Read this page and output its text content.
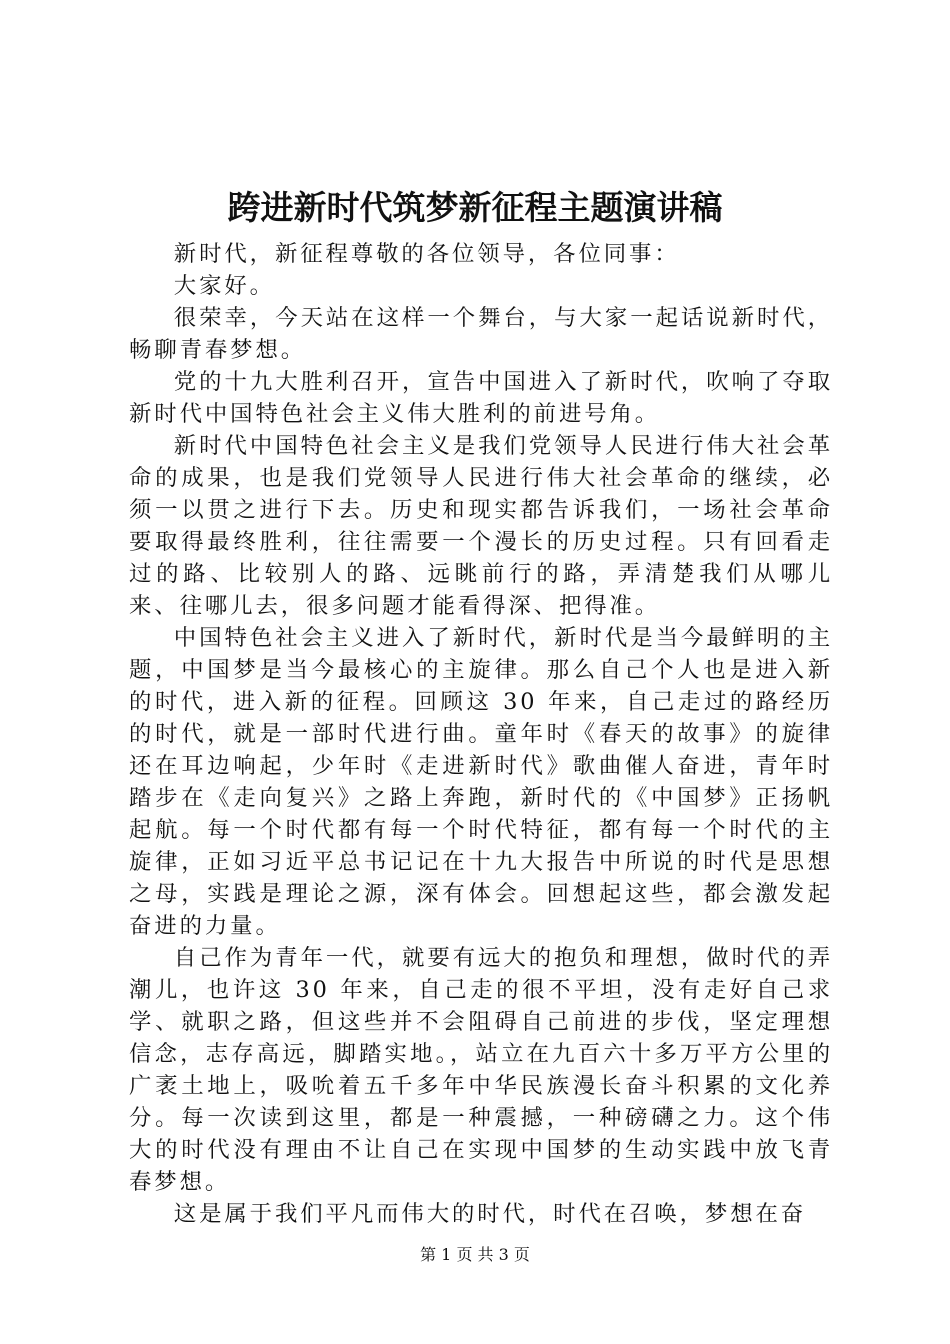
跨进新时代筑梦新征程主题演讲稿

新时代，新征程尊敬的各位领导，各位同事：

大家好。

很荣幸，今天站在这样一个舞台，与大家一起话说新时代，畅聊青春梦想。

党的十九大胜利召开，宣告中国进入了新时代，吹响了夺取新时代中国特色社会主义伟大胜利的前进号角。

新时代中国特色社会主义是我们党领导人民进行伟大社会革命的成果，也是我们党领导人民进行伟大社会革命的继续，必须一以贯之进行下去。历史和现实都告诉我们，一场社会革命要取得最终胜利，往往需要一个漫长的历史过程。只有回看走过的路、比较别人的路、远眺前行的路，弄清楚我们从哪儿来、往哪儿去，很多问题才能看得深、把得准。

中国特色社会主义进入了新时代，新时代是当今最鲜明的主题，中国梦是当今最核心的主旋律。那么自己个人也是进入新的时代，进入新的征程。回顾这 30 年来，自己走过的路经历的时代，就是一部时代进行曲。童年时《春天的故事》的旋律还在耳边响起，少年时《走进新时代》歌曲催人奋进，青年时踏步在《走向复兴》之路上奔跑，新时代的《中国梦》正扬帆起航。每一个时代都有每一个时代特征，都有每一个时代的主旋律，正如习近平总书记记在十九大报告中所说的时代是思想之母，实践是理论之源，深有体会。回想起这些，都会激发起奋进的力量。

自己作为青年一代，就要有远大的抱负和理想，做时代的弄潮儿，也许这 30 年来，自己走的很不平坦，没有走好自己求学、就职之路，但这些并不会阻碍自己前进的步伐，坚定理想信念，志存高远，脚踏实地。，站立在九百六十多万平方公里的广袤土地上，吸吮着五千多年中华民族漫长奋斗积累的文化养分。每一次读到这里，都是一种震撼，一种磅礴之力。这个伟大的时代没有理由不让自己在实现中国梦的生动实践中放飞青春梦想。

这是属于我们平凡而伟大的时代，时代在召唤，梦想在奋

第 1 页 共 3 页
